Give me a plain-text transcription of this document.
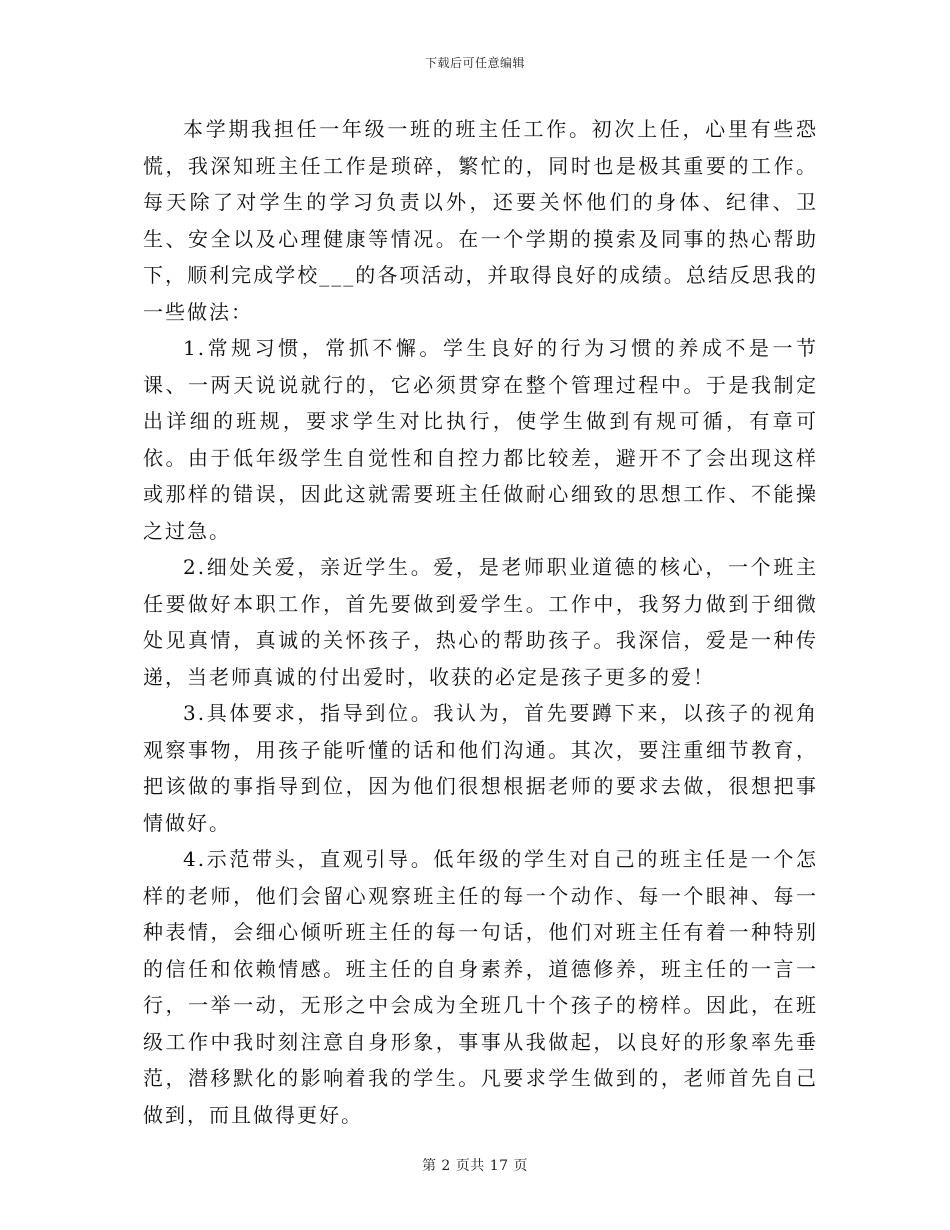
下载后可任意编辑

本学期我担任一年级一班的班主任工作。初次上任，心里有些恐慌，我深知班主任工作是琐碎，繁忙的，同时也是极其重要的工作。每天除了对学生的学习负责以外，还要关怀他们的身体、纪律、卫生、安全以及心理健康等情况。在一个学期的摸索及同事的热心帮助下，顺利完成学校___的各项活动，并取得良好的成绩。总结反思我的一些做法：

1.常规习惯，常抓不懈。学生良好的行为习惯的养成不是一节课、一两天说说就行的，它必须贯穿在整个管理过程中。于是我制定出详细的班规，要求学生对比执行，使学生做到有规可循，有章可依。由于低年级学生自觉性和自控力都比较差，避开不了会出现这样或那样的错误，因此这就需要班主任做耐心细致的思想工作、不能操之过急。

2.细处关爱，亲近学生。爱，是老师职业道德的核心，一个班主任要做好本职工作，首先要做到爱学生。工作中，我努力做到于细微处见真情，真诚的关怀孩子，热心的帮助孩子。我深信，爱是一种传递，当老师真诚的付出爱时，收获的必定是孩子更多的爱！

3.具体要求，指导到位。我认为，首先要蹲下来，以孩子的视角观察事物，用孩子能听懂的话和他们沟通。其次，要注重细节教育，把该做的事指导到位，因为他们很想根据老师的要求去做，很想把事情做好。

4.示范带头，直观引导。低年级的学生对自己的班主任是一个怎样的老师，他们会留心观察班主任的每一个动作、每一个眼神、每一种表情，会细心倾听班主任的每一句话，他们对班主任有着一种特别的信任和依赖情感。班主任的自身素养，道德修养，班主任的一言一行，一举一动，无形之中会成为全班几十个孩子的榜样。因此，在班级工作中我时刻注意自身形象，事事从我做起，以良好的形象率先垂范，潜移默化的影响着我的学生。凡要求学生做到的，老师首先自己做到，而且做得更好。

第 2 页共 17 页
